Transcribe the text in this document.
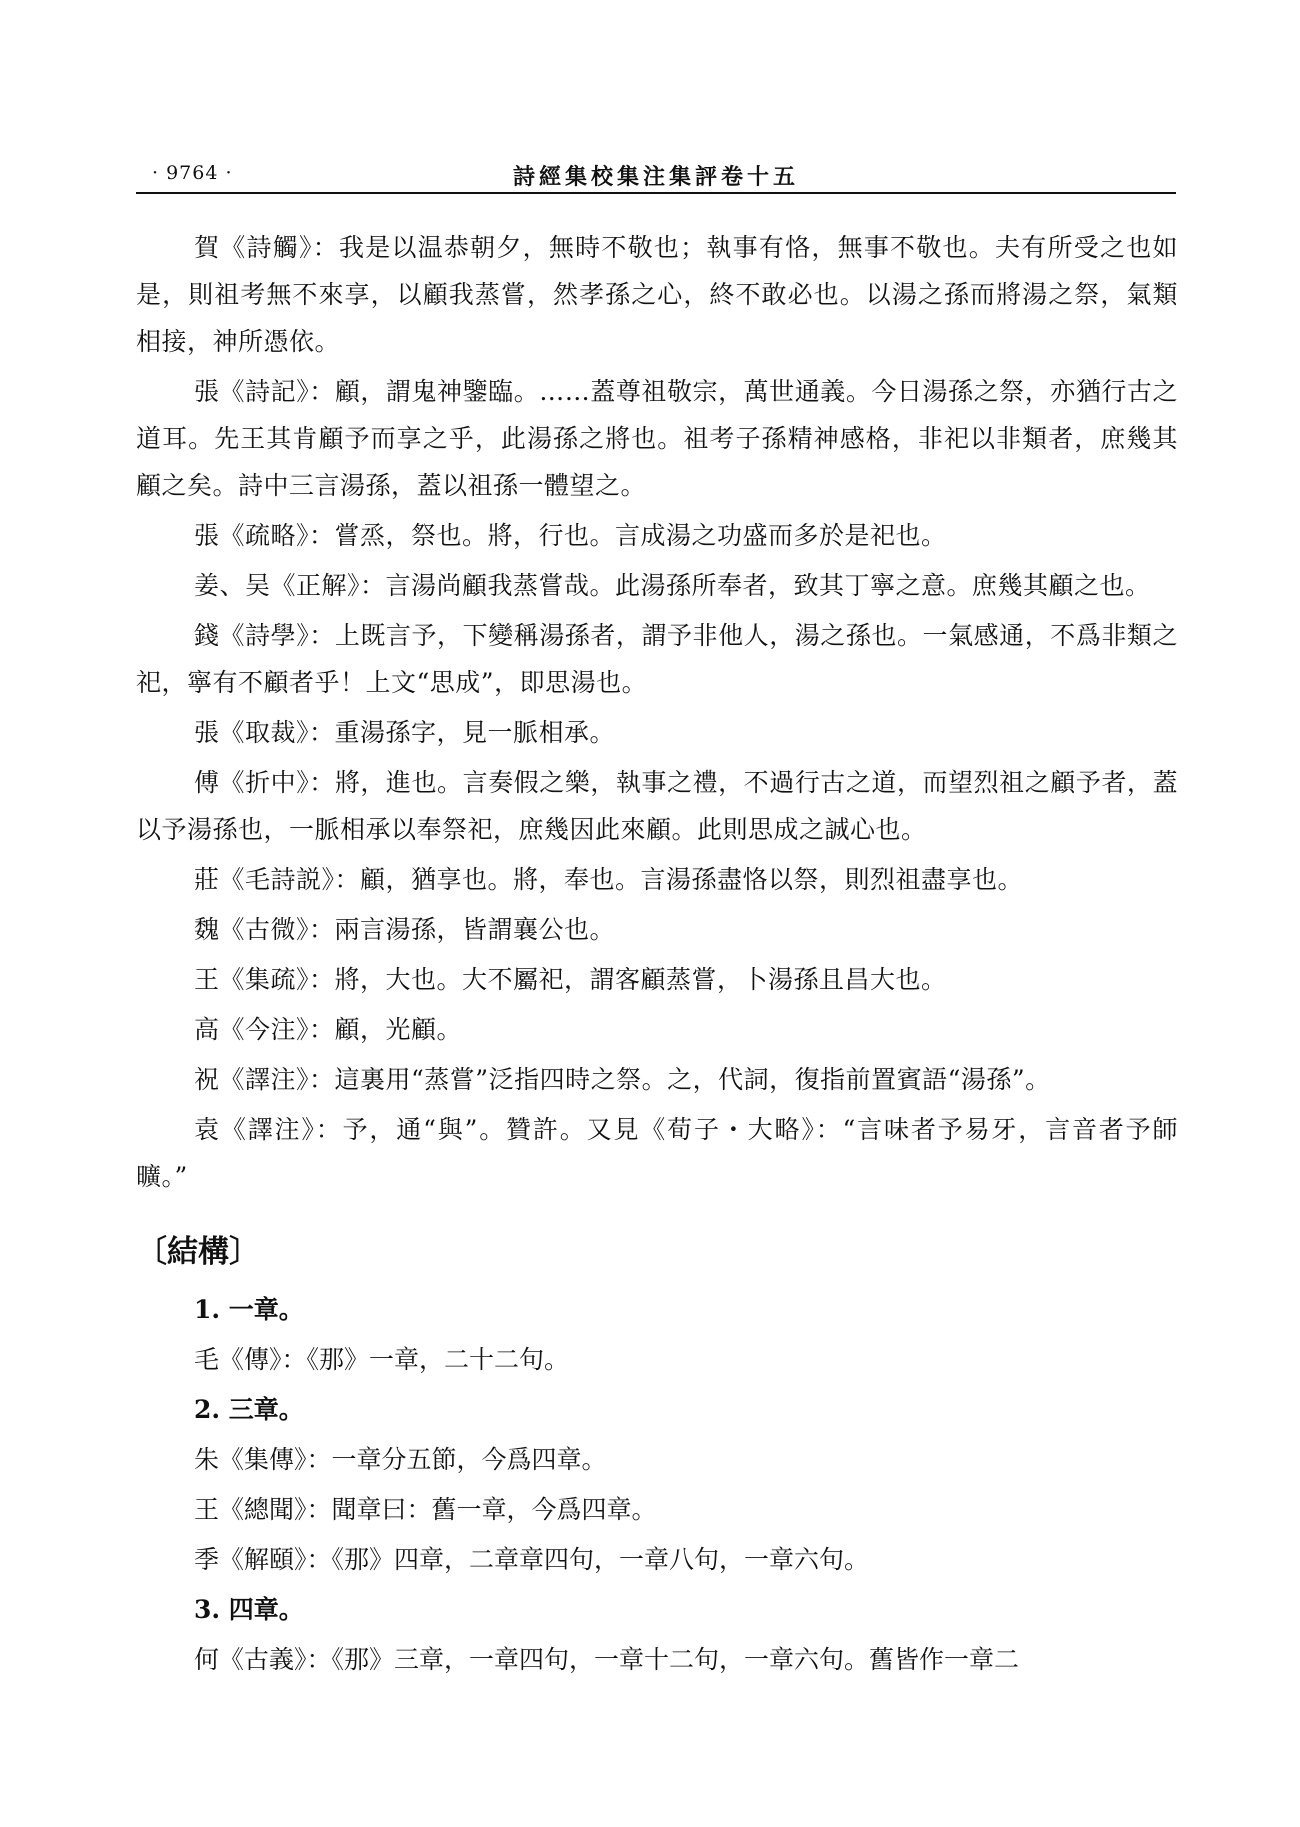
· 9764 ·	詩經集校集注集評卷十五

賀《詩觸》：我是以温恭朝夕，無時不敬也；執事有恪，無事不敬也。夫有所受之也如是，則祖考無不來享，以顧我蒸嘗，然孝孫之心，終不敢必也。以湯之孫而將湯之祭，氣類相接，神所憑依。

張《詩記》：顧，謂鬼神鑒臨。……蓋尊祖敬宗，萬世通義。今日湯孫之祭，亦猶行古之道耳。先王其肯顧予而享之乎，此湯孫之將也。祖考子孫精神感格，非祀以非類者，庶幾其顧之矣。詩中三言湯孫，蓋以祖孫一體望之。

張《疏略》：嘗烝，祭也。將，行也。言成湯之功盛而多於是祀也。

姜、吴《正解》：言湯尚顧我蒸嘗哉。此湯孫所奉者，致其丁寧之意。庶幾其顧之也。

錢《詩學》：上既言予，下變稱湯孫者，謂予非他人，湯之孫也。一氣感通，不爲非類之祀，寧有不顧者乎！上文“思成”，即思湯也。

張《取裁》：重湯孫字，見一脈相承。

傅《折中》：將，進也。言奏假之樂，執事之禮，不過行古之道，而望烈祖之顧予者，蓋以予湯孫也，一脈相承以奉祭祀，庶幾因此來顧。此則思成之誠心也。

莊《毛詩説》：顧，猶享也。將，奉也。言湯孫盡恪以祭，則烈祖盡享也。

魏《古微》：兩言湯孫，皆謂襄公也。

王《集疏》：將，大也。大不屬祀，謂客顧蒸嘗，卜湯孫且昌大也。

高《今注》：顧，光顧。

祝《譯注》：這裏用“蒸嘗”泛指四時之祭。之，代詞，復指前置賓語“湯孫”。

袁《譯注》：予，通“與”。贊許。又見《荀子・大略》：“言味者予易牙，言音者予師曠。”

〔結構〕

1. 一章。

毛《傳》：《那》一章，二十二句。

2. 三章。

朱《集傳》：一章分五節，今爲四章。

王《總聞》：聞章曰：舊一章，今爲四章。

季《解頤》：《那》四章，二章章四句，一章八句，一章六句。

3. 四章。

何《古義》：《那》三章，一章四句，一章十二句，一章六句。舊皆作一章二
